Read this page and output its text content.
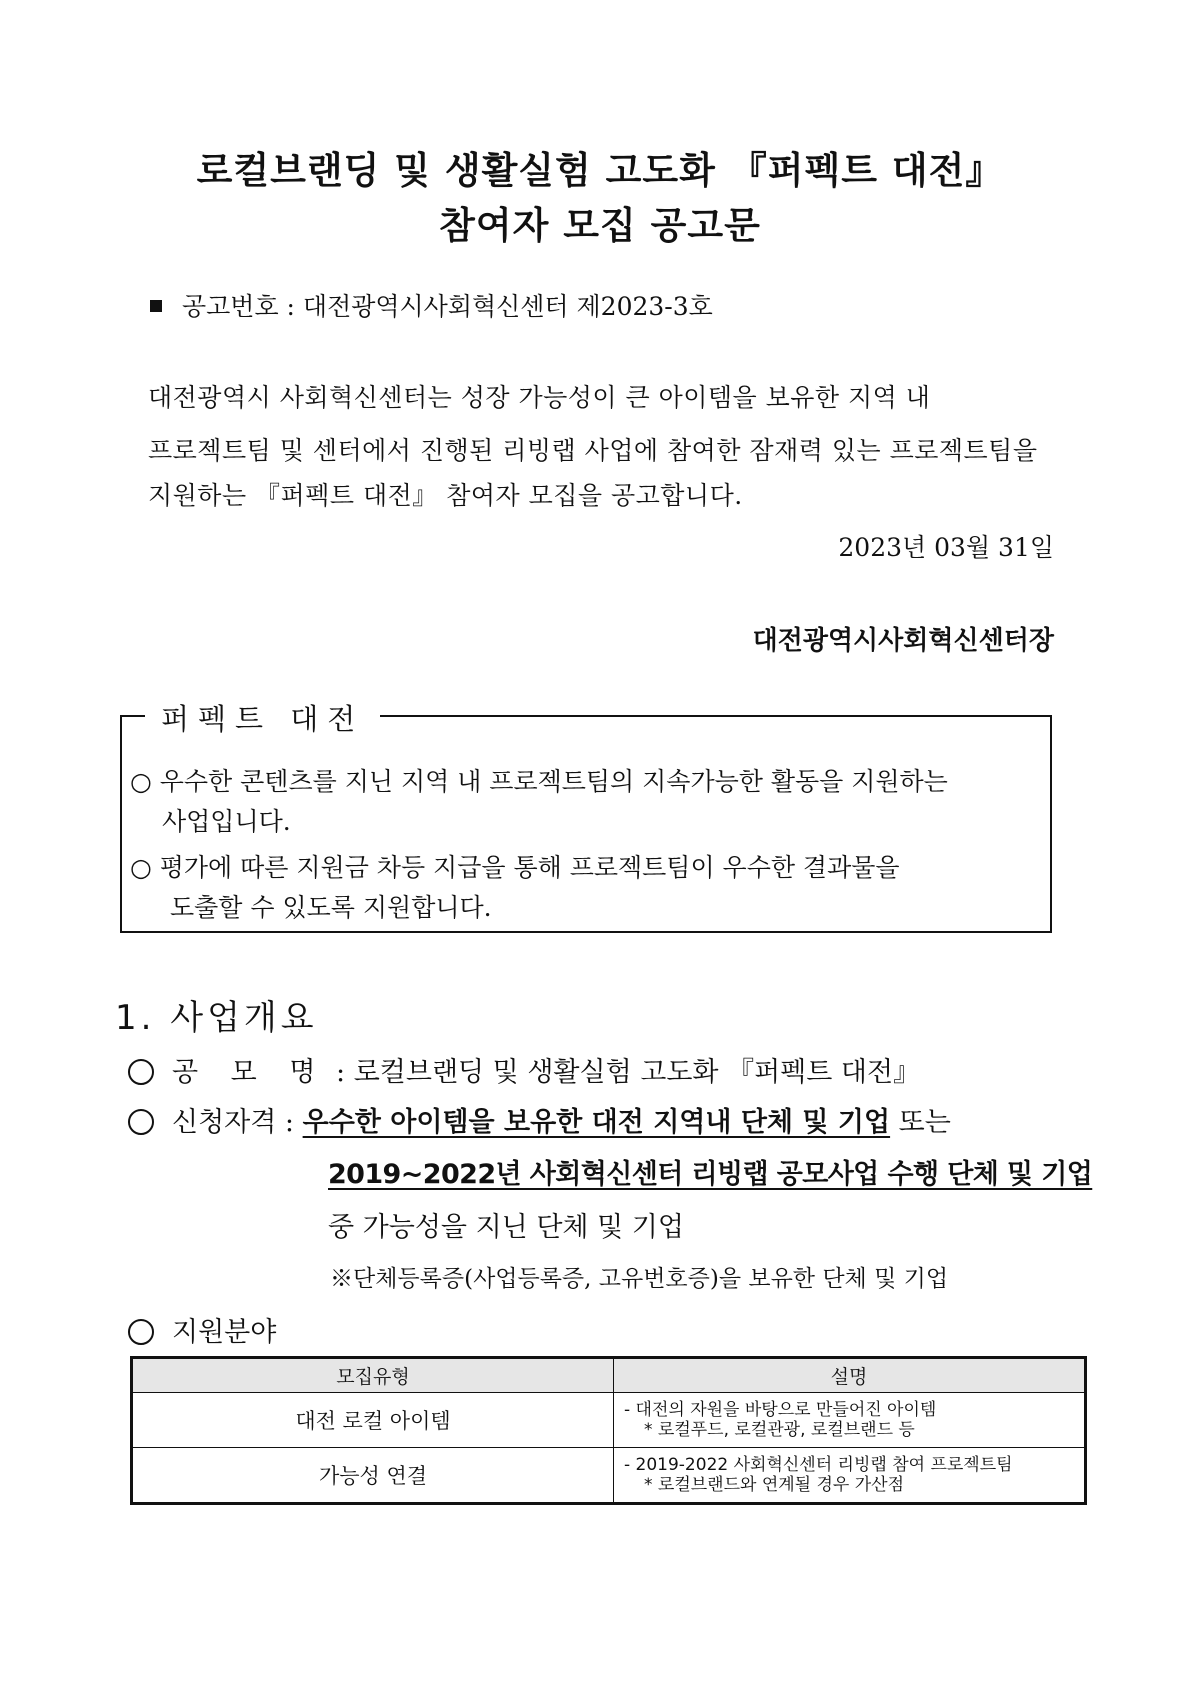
로컬브랜딩 및 생활실험 고도화 『퍼펙트 대전』
참여자 모집 공고문
공고번호 : 대전광역시사회혁신센터 제2023-3호
대전광역시 사회혁신센터는 성장 가능성이 큰 아이템을 보유한 지역 내
프로젝트팀 및 센터에서 진행된 리빙랩 사업에 참여한 잠재력 있는 프로젝트팀을
지원하는 『퍼펙트 대전』 참여자 모집을 공고합니다.
2023년 03월 31일
대전광역시사회혁신센터장
퍼펙트 대전
○ 우수한 콘텐츠를 지닌 지역 내 프로젝트팀의 지속가능한 활동을 지원하는
사업입니다.
○ 평가에 따른 지원금 차등 지급을 통해 프로젝트팀이 우수한 결과물을
도출할 수 있도록 지원합니다.
1. 사업개요
공 모 명 : 로컬브랜딩 및 생활실험 고도화 『퍼펙트 대전』
신청자격 : 우수한 아이템을 보유한 대전 지역내 단체 및 기업 또는
2019~2022년 사회혁신센터 리빙랩 공모사업 수행 단체 및 기업
중 가능성을 지닌 단체 및 기업
※단체등록증(사업등록증, 고유번호증)을 보유한 단체 및 기업
지원분야
모집유형	설명
대전 로컬 아이템	- 대전의 자원을 바탕으로 만들어진 아이템
* 로컬푸드, 로컬관광, 로컬브랜드 등

가능성 연결	- 2019-2022 사회혁신센터 리빙랩 참여 프로젝트팀
* 로컬브랜드와 연계될 경우 가산점
